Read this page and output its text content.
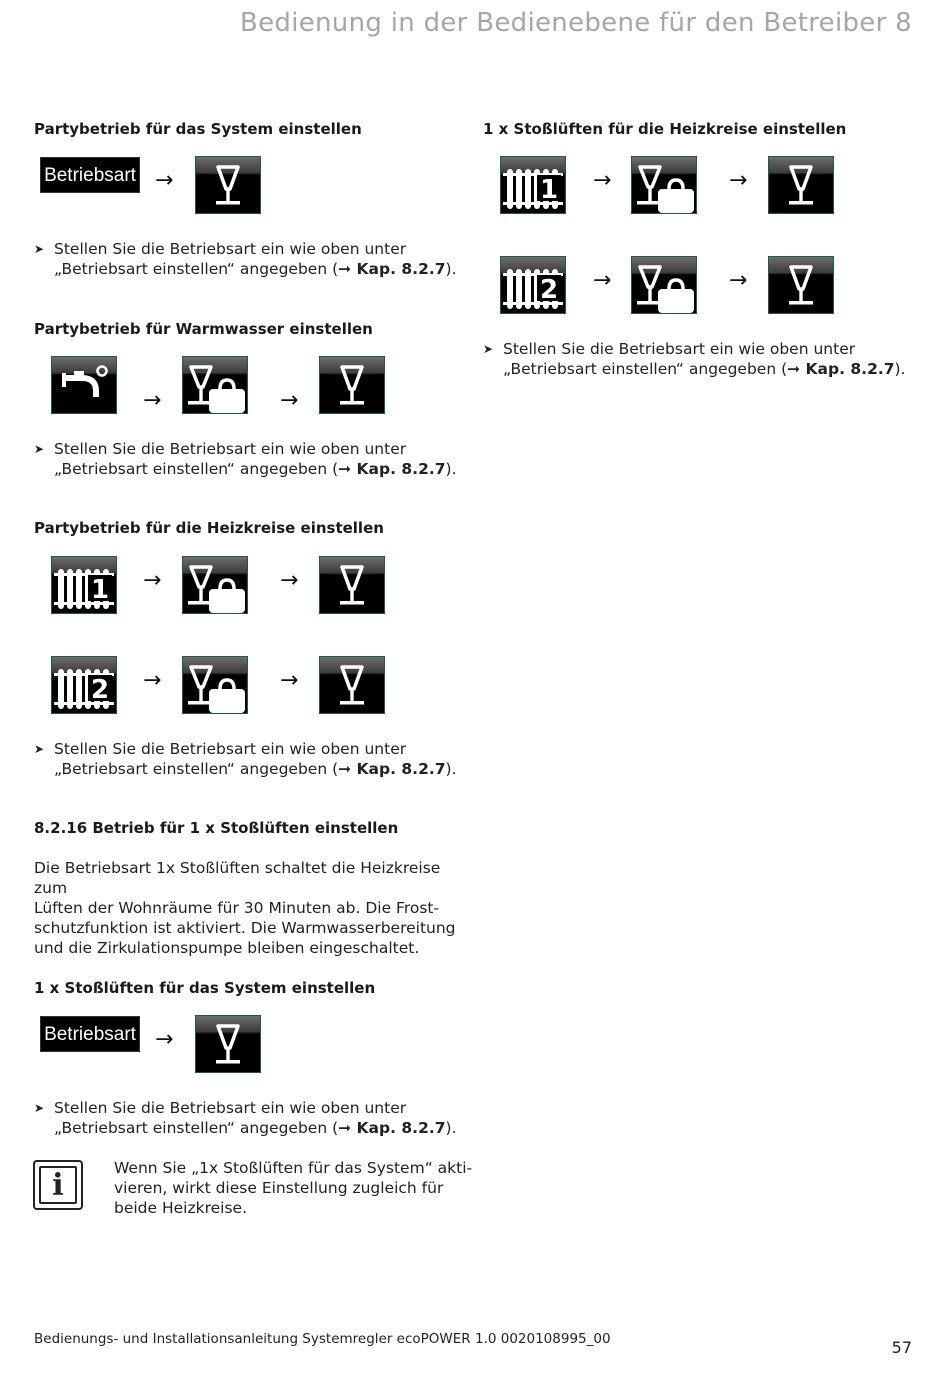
Bedienung in der Bedienebene für den Betreiber 8
Partybetrieb für das System einstellen
Betriebsart →
➤ Stellen Sie die Betriebsart ein wie oben unter
„Betriebsart einstellen“ angegeben (➞ Kap. 8.2.7).
Partybetrieb für Warmwasser einstellen
→	→
➤ Stellen Sie die Betriebsart ein wie oben unter
„Betriebsart einstellen“ angegeben (➞ Kap. 8.2.7).
Partybetrieb für die Heizkreise einstellen
1 →	→
2 →	→
➤ Stellen Sie die Betriebsart ein wie oben unter
„Betriebsart einstellen“ angegeben (➞ Kap. 8.2.7).
8.2.16 Betrieb für 1 x Stoßlüften einstellen
Die Betriebsart 1x Stoßlüften schaltet die Heizkreise zum
Lüften der Wohnräume für 30 Minuten ab. Die Frost-
schutzfunktion ist aktiviert. Die Warmwasserbereitung
und die Zirkulationspumpe bleiben eingeschaltet.
1 x Stoßlüften für das System einstellen
Betriebsart →
➤ Stellen Sie die Betriebsart ein wie oben unter
„Betriebsart einstellen“ angegeben (➞ Kap. 8.2.7).
i	Wenn Sie „1x Stoßlüften für das System“ akti-
vieren, wirkt diese Einstellung zugleich für
beide Heizkreise.
1 x Stoßlüften für die Heizkreise einstellen
1 →	→
2 →	→
➤ Stellen Sie die Betriebsart ein wie oben unter
„Betriebsart einstellen“ angegeben (➞ Kap. 8.2.7).
Bedienungs- und Installationsanleitung Systemregler ecoPOWER 1.0 0020108995_00	57
